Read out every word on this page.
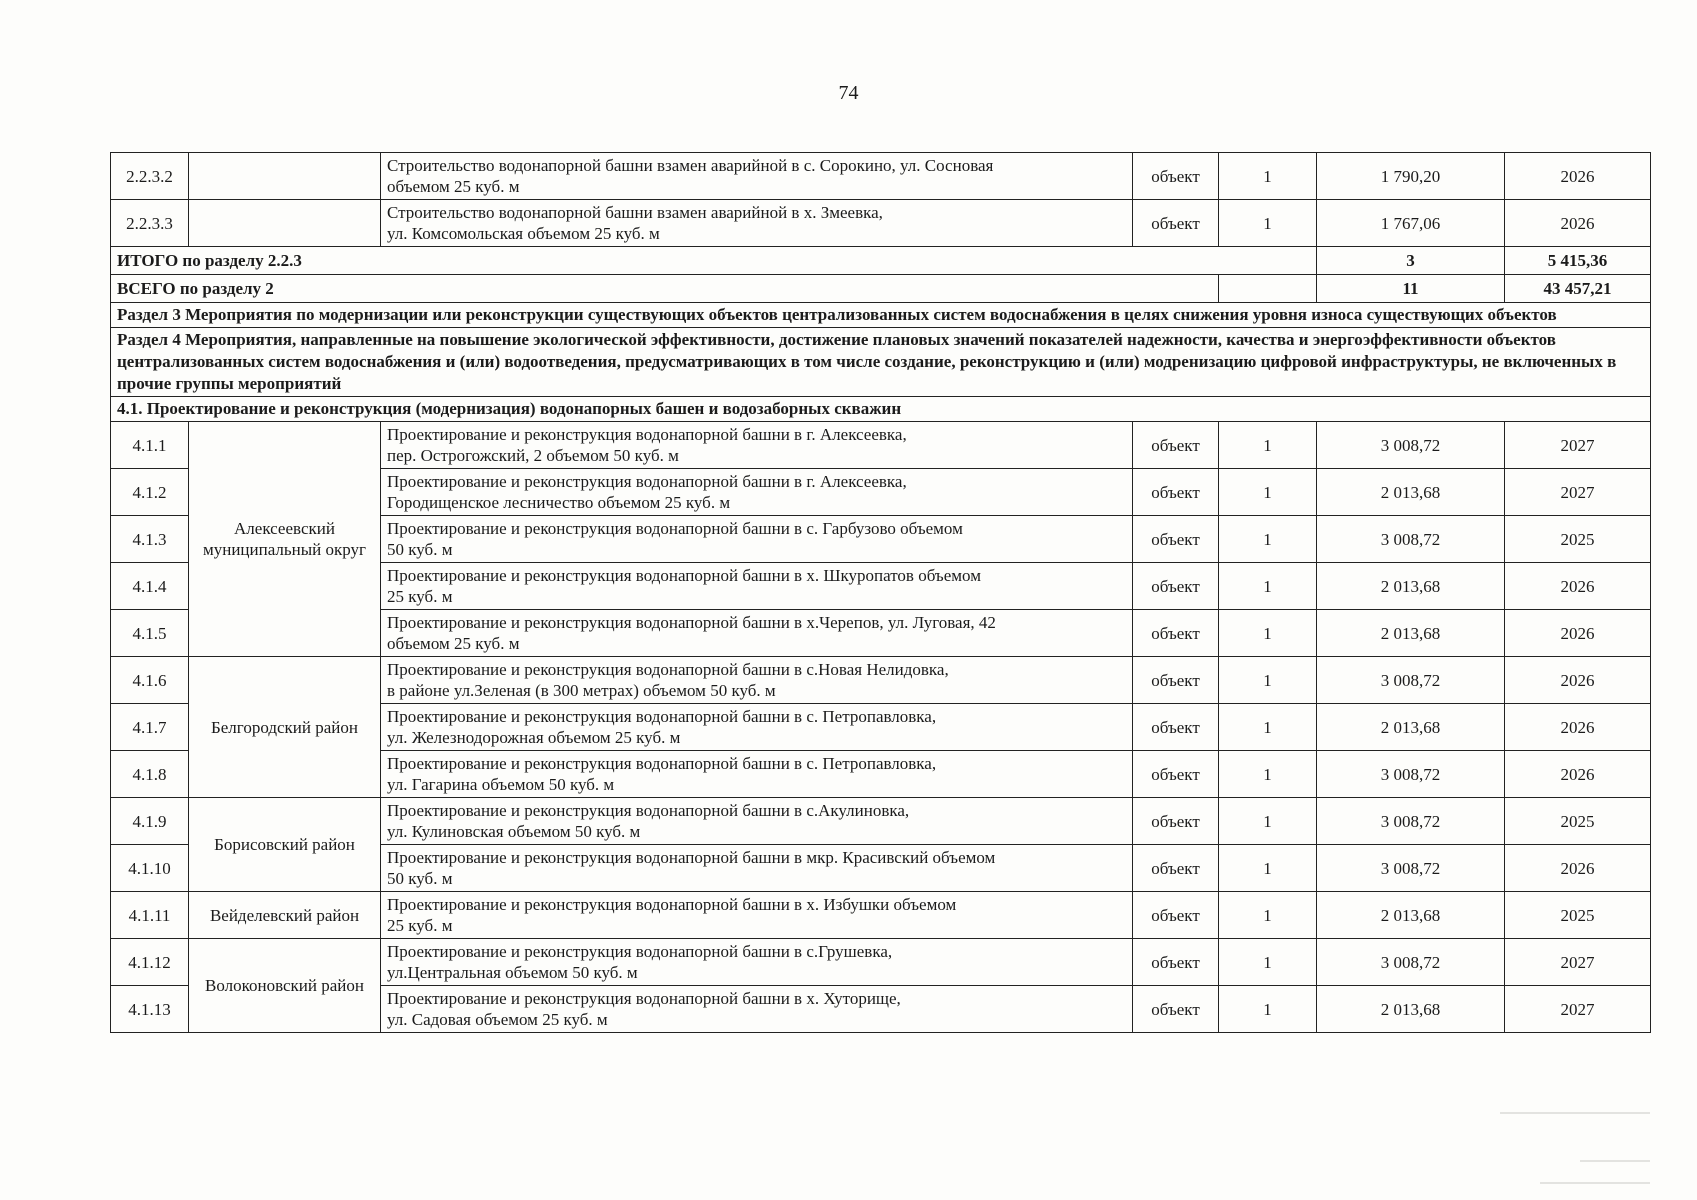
74
2.2.3.2		Строительство водонапорной башни взамен аварийной в с. Сорокино, ул. Сосновая
объемом 25 куб. м	объект	1	1 790,20	2026	
2.2.3.3		Строительство водонапорной башни взамен аварийной в х. Змеевка,
ул. Комсомольская объемом 25 куб. м	объект	1	1 767,06	2026	
ИТОГО по разделу 2.2.3					3	5 415,36	
ВСЕГО по разделу 2					11	43 457,21	
Раздел 3 Мероприятия по модернизации или реконструкции существующих объектов централизованных систем водоснабжения в целях снижения уровня износа существующих объектов							
Раздел 4 Мероприятия, направленные на повышение экологической эффективности, достижение плановых значений показателей надежности, качества и энергоэффективности объектов централизованных систем водоснабжения и (или) водоотведения, предусматривающих в том числе создание, реконструкцию и (или) модренизацию цифровой инфраструктуры, не включенных в прочие группы мероприятий							
4.1. Проектирование и реконструкция (модернизация) водонапорных башен и водозаборных скважин							
4.1.1	Алексеевский муниципальный округ	Проектирование и реконструкция водонапорной башни в г. Алексеевка,
пер. Острогожский, 2 объемом 50 куб. м	объект	1	3 008,72	2027	
4.1.2		Проектирование и реконструкция водонапорной башни в г. Алексеевка,
Городищенское лесничество объемом 25 куб. м	объект	1	2 013,68	2027	
4.1.3		Проектирование и реконструкция водонапорной башни в с. Гарбузово объемом
50 куб. м	объект	1	3 008,72	2025	
4.1.4		Проектирование и реконструкция водонапорной башни в х. Шкуропатов объемом
25 куб. м	объект	1	2 013,68	2026	
4.1.5		Проектирование и реконструкция водонапорной башни в х.Черепов, ул. Луговая, 42
объемом 25 куб. м	объект	1	2 013,68	2026	
4.1.6	Белгородский район	Проектирование и реконструкция водонапорной башни в с.Новая Нелидовка,
в районе ул.Зеленая (в 300 метрах) объемом 50 куб. м	объект	1	3 008,72	2026	
4.1.7		Проектирование и реконструкция водонапорной башни в с. Петропавловка,
ул. Железнодорожная объемом 25 куб. м	объект	1	2 013,68	2026	
4.1.8		Проектирование и реконструкция водонапорной башни в с. Петропавловка,
ул. Гагарина объемом 50 куб. м	объект	1	3 008,72	2026	
4.1.9	Борисовский район	Проектирование и реконструкция водонапорной башни в с.Акулиновка,
ул. Кулиновская объемом 50 куб. м	объект	1	3 008,72	2025	
4.1.10		Проектирование и реконструкция водонапорной башни в мкр. Красивский объемом
50 куб. м	объект	1	3 008,72	2026	
4.1.11	Вейделевский район	Проектирование и реконструкция водонапорной башни в х. Избушки объемом
25 куб. м	объект	1	2 013,68	2025	
4.1.12	Волоконовский район	Проектирование и реконструкция водонапорной башни в с.Грушевка,
ул.Центральная объемом 50 куб. м	объект	1	3 008,72	2027	
4.1.13		Проектирование и реконструкция водонапорной башни в х. Хуторище,
ул. Садовая объемом 25 куб. м	объект	1	2 013,68	2027	
